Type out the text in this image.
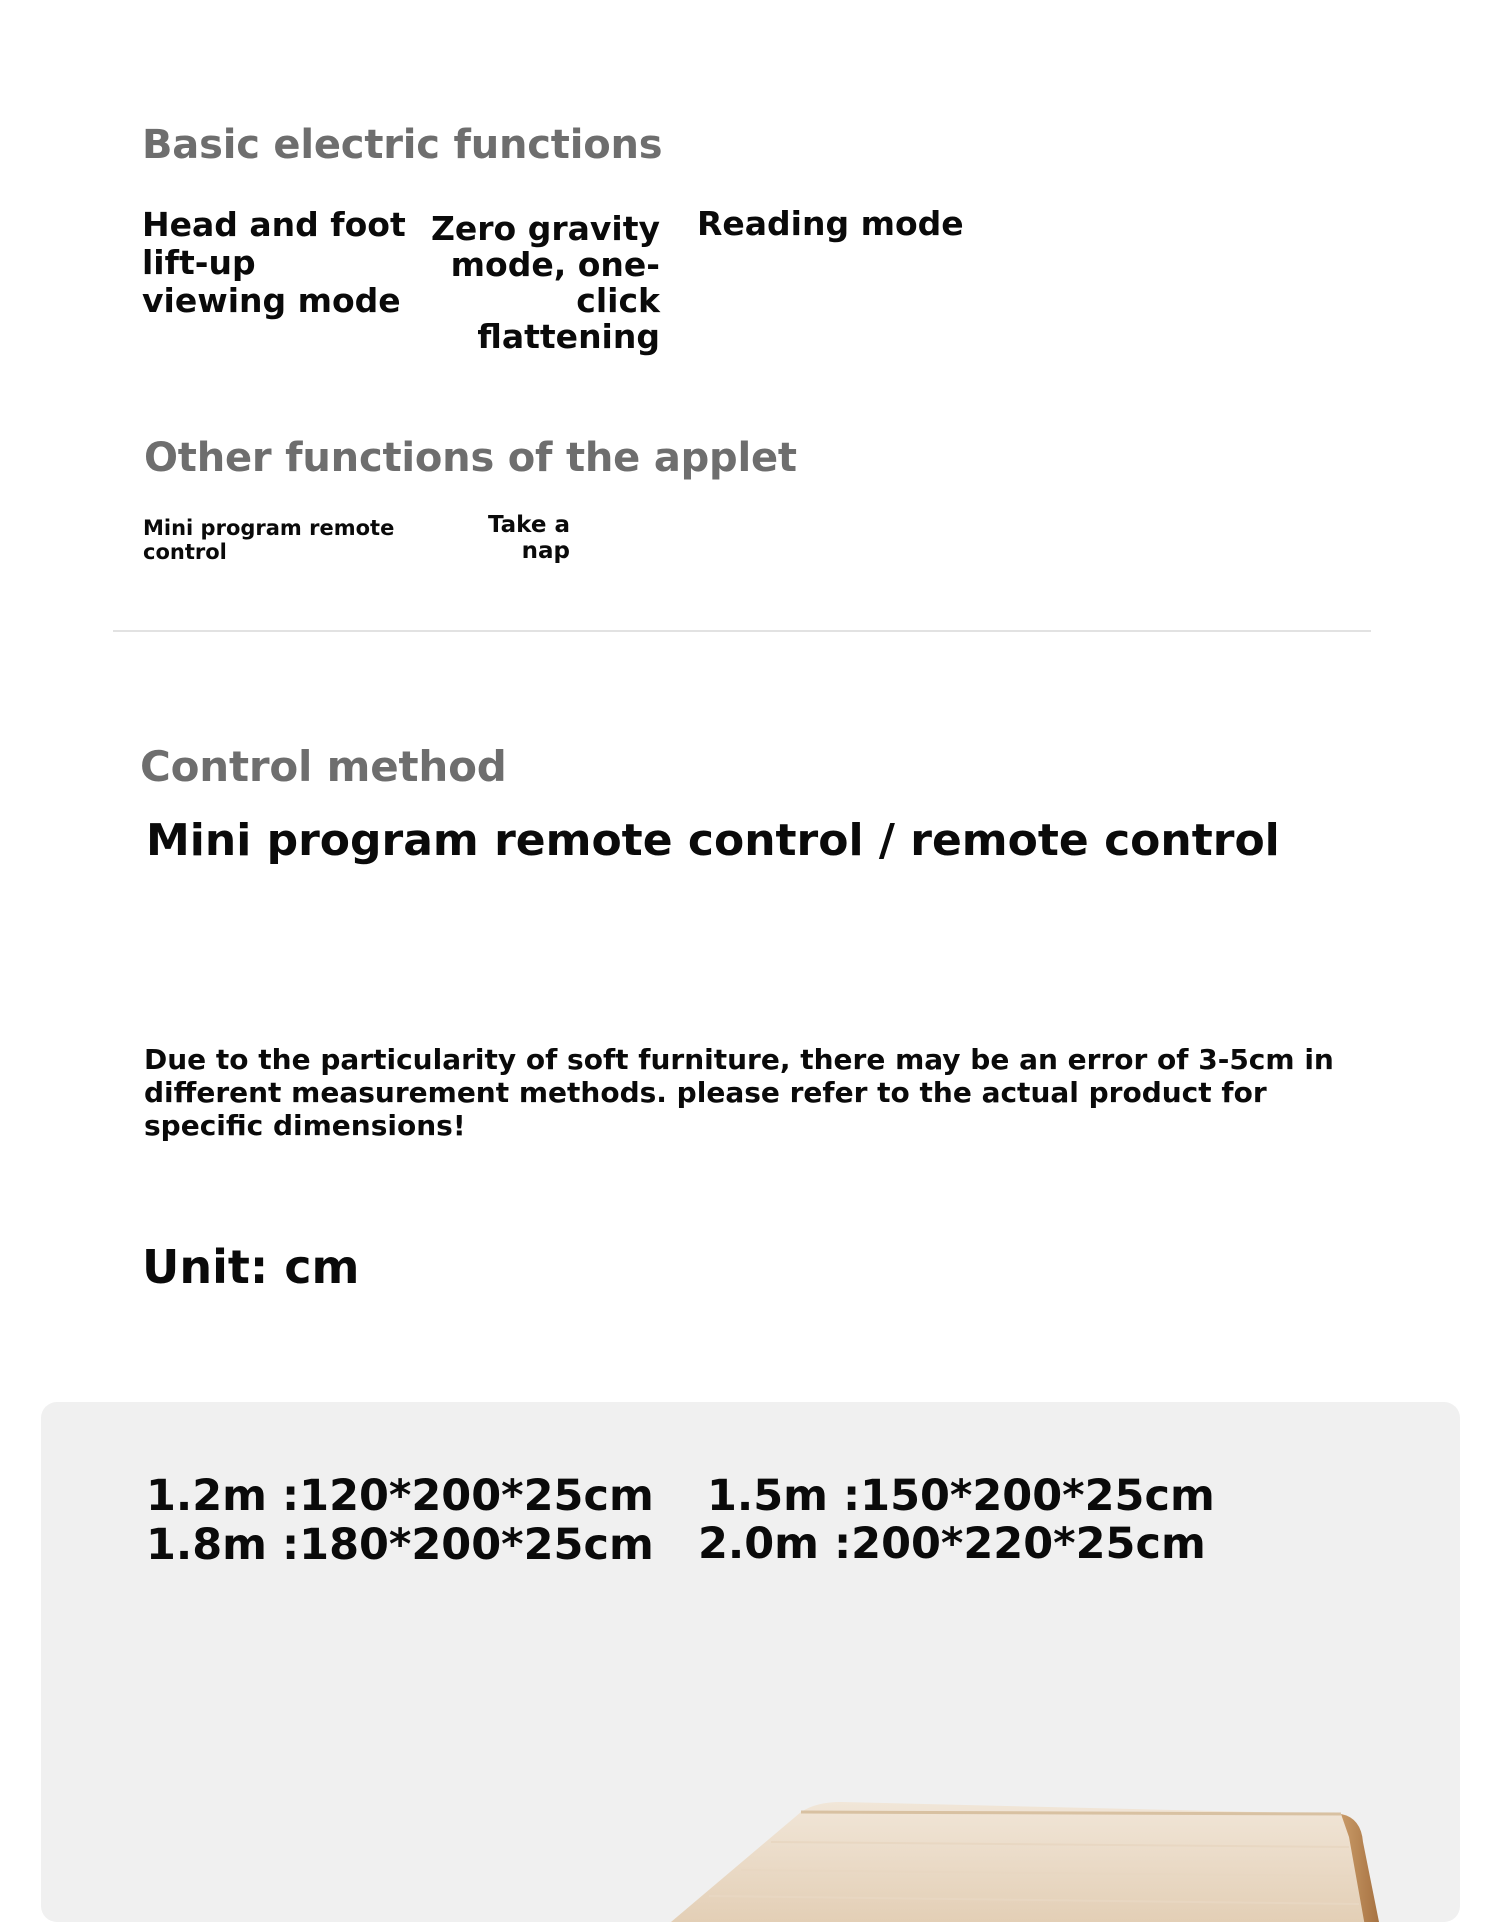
Basic electric functions
Head and foot
lift-up
viewing mode
Zero gravity
mode, one-click
flattening
Reading mode
Other functions of the applet
Mini program remote
control
Take a
nap
Control method
Mini program remote control / remote control
Due to the particularity of soft furniture, there may be an error of 3-5cm in
different measurement methods. please refer to the actual product for
specific dimensions!
Unit: cm
1.2m :120*200*25cm 1.5m :150*200*25cm
1.8m :180*200*25cm 2.0m :200*220*25cm
